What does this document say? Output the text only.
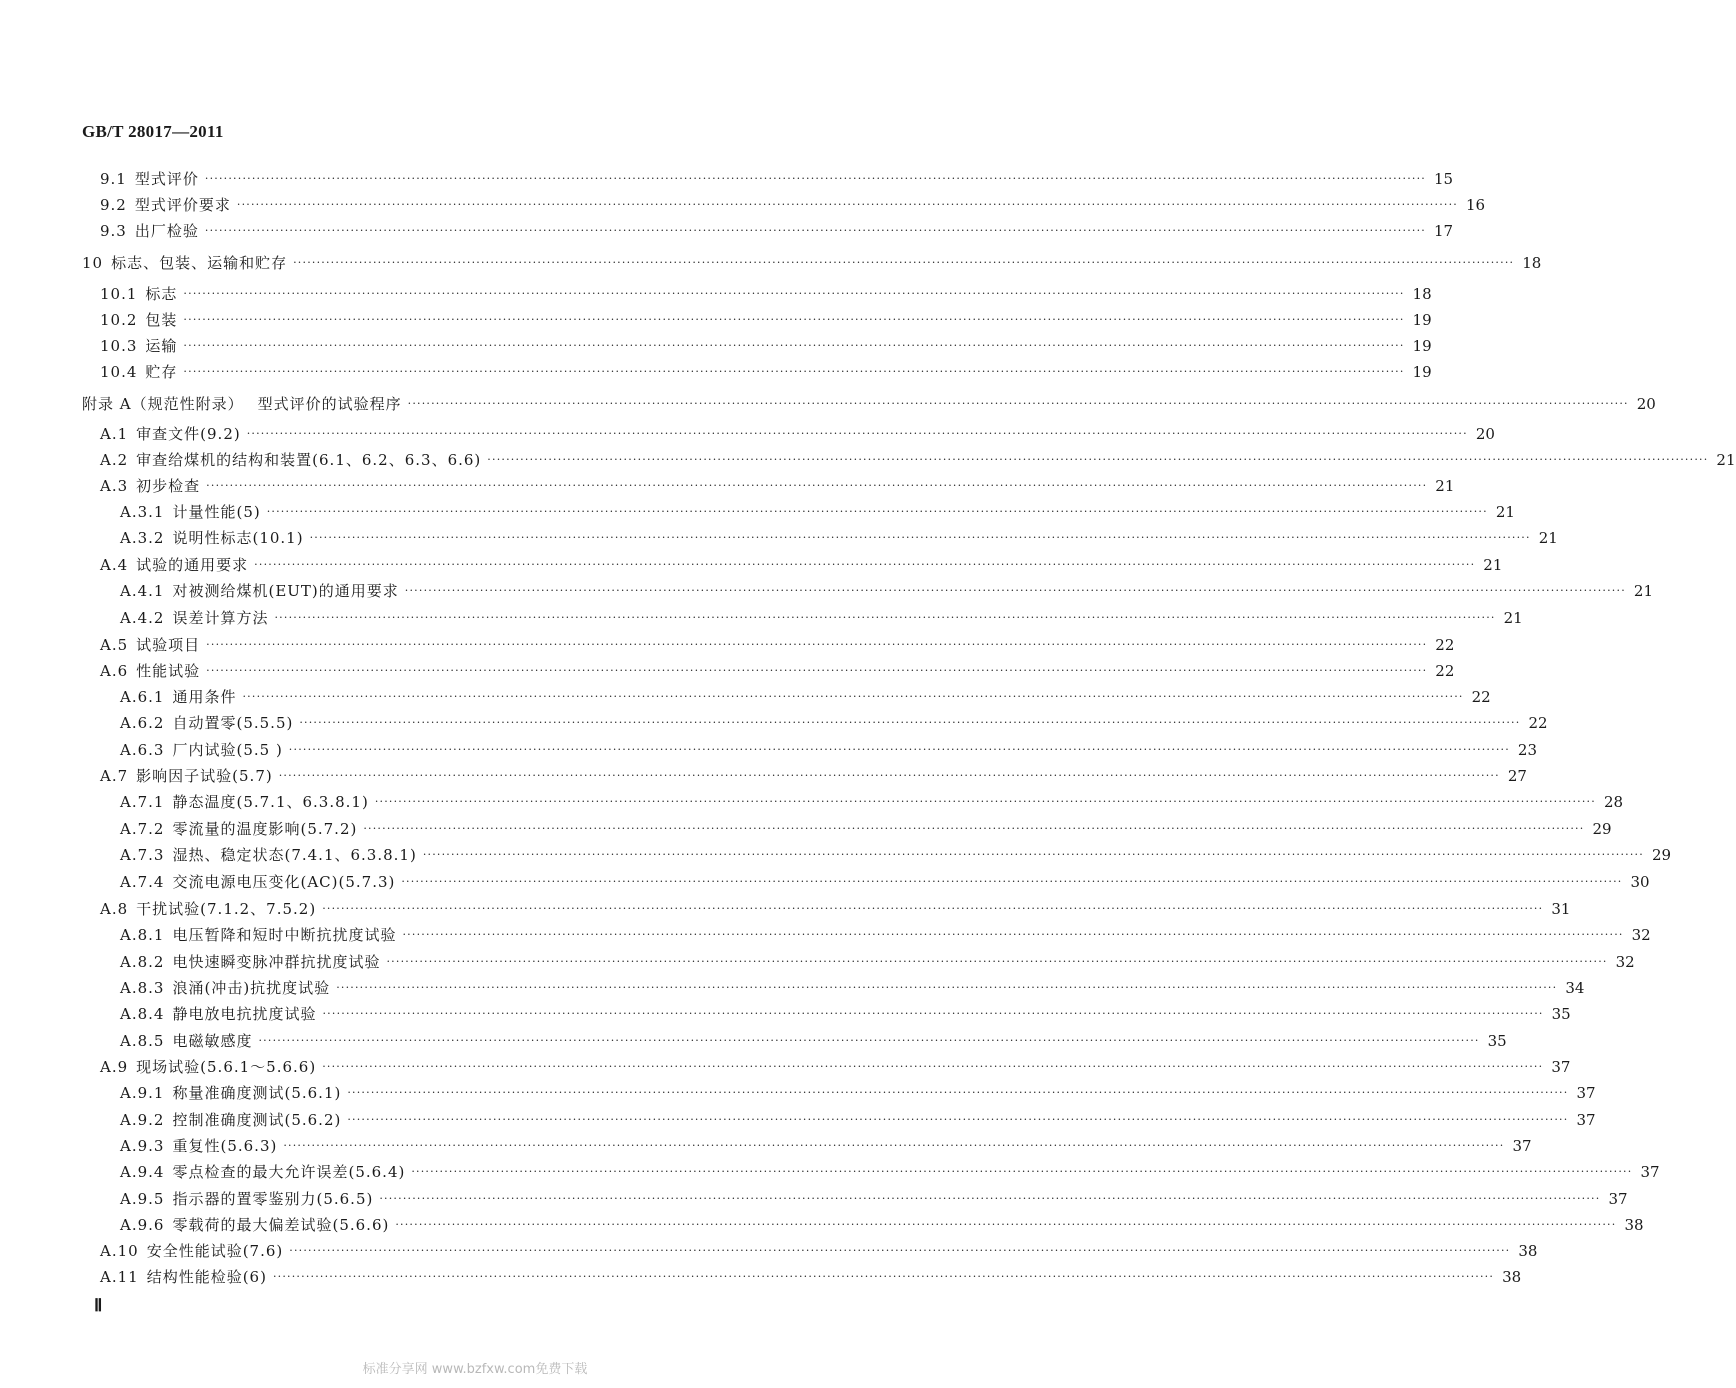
GB/T 28017—2011
9.1 型式评价 ···································································································································································································································································· 15
9.2 型式评价要求 ···································································································································································································································································· 16
9.3 出厂检验 ···································································································································································································································································· 17
10 标志、包装、运输和贮存 ···································································································································································································································································· 18
10.1 标志 ···································································································································································································································································· 18
10.2 包装 ···································································································································································································································································· 19
10.3 运输 ···································································································································································································································································· 19
10.4 贮存 ···································································································································································································································································· 19
附录 A（规范性附录） 型式评价的试验程序 ···································································································································································································································································· 20
A.1 审查文件(9.2) ···································································································································································································································································· 20
A.2 审查给煤机的结构和装置(6.1、6.2、6.3、6.6) ···································································································································································································································································· 21
A.3 初步检查 ···································································································································································································································································· 21
A.3.1 计量性能(5) ···································································································································································································································································· 21
A.3.2 说明性标志(10.1) ···································································································································································································································································· 21
A.4 试验的通用要求 ···································································································································································································································································· 21
A.4.1 对被测给煤机(EUT)的通用要求 ···································································································································································································································································· 21
A.4.2 误差计算方法 ···································································································································································································································································· 21
A.5 试验项目 ···································································································································································································································································· 22
A.6 性能试验 ···································································································································································································································································· 22
A.6.1 通用条件 ···································································································································································································································································· 22
A.6.2 自动置零(5.5.5) ···································································································································································································································································· 22
A.6.3 厂内试验(5.5 ) ···································································································································································································································································· 23
A.7 影响因子试验(5.7) ···································································································································································································································································· 27
A.7.1 静态温度(5.7.1、6.3.8.1) ···································································································································································································································································· 28
A.7.2 零流量的温度影响(5.7.2) ···································································································································································································································································· 29
A.7.3 湿热、稳定状态(7.4.1、6.3.8.1) ···································································································································································································································································· 29
A.7.4 交流电源电压变化(AC)(5.7.3) ···································································································································································································································································· 30
A.8 干扰试验(7.1.2、7.5.2) ···································································································································································································································································· 31
A.8.1 电压暂降和短时中断抗扰度试验 ···································································································································································································································································· 32
A.8.2 电快速瞬变脉冲群抗扰度试验 ···································································································································································································································································· 32
A.8.3 浪涌(冲击)抗扰度试验 ···································································································································································································································································· 34
A.8.4 静电放电抗扰度试验 ···································································································································································································································································· 35
A.8.5 电磁敏感度 ···································································································································································································································································· 35
A.9 现场试验(5.6.1～5.6.6) ···································································································································································································································································· 37
A.9.1 称量准确度测试(5.6.1) ···································································································································································································································································· 37
A.9.2 控制准确度测试(5.6.2) ···································································································································································································································································· 37
A.9.3 重复性(5.6.3) ···································································································································································································································································· 37
A.9.4 零点检查的最大允许误差(5.6.4) ···································································································································································································································································· 37
A.9.5 指示器的置零鉴别力(5.6.5) ···································································································································································································································································· 37
A.9.6 零载荷的最大偏差试验(5.6.6) ···································································································································································································································································· 38
A.10 安全性能试验(7.6) ···································································································································································································································································· 38
A.11 结构性能检验(6) ···································································································································································································································································· 38
Ⅱ
标准分享网 www.bzfxw.com免费下载
